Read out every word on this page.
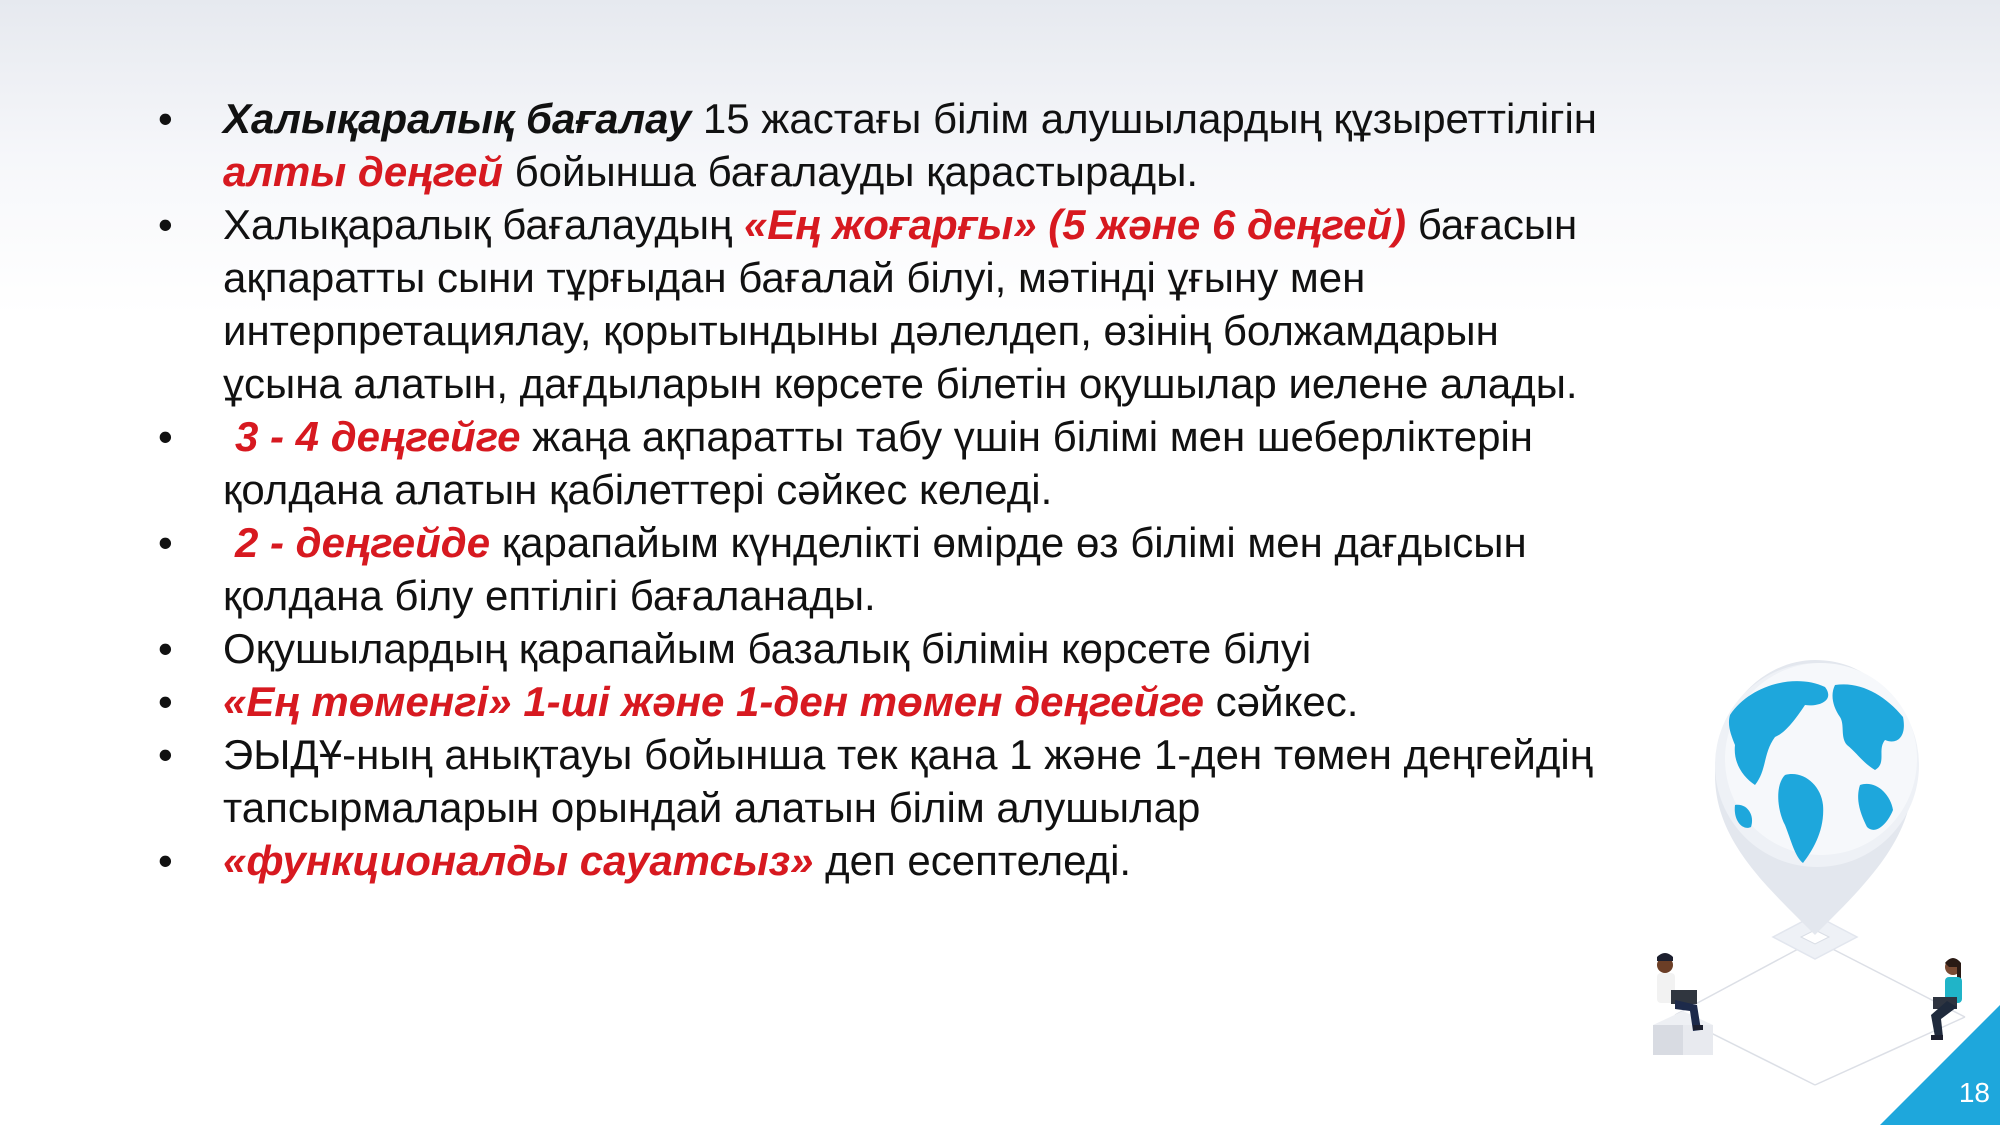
• Халықаралық бағалау 15 жастағы білім алушылардың құзыреттілігін
алты деңгей бойынша бағалауды қарастырады.
• Халықаралық бағалаудың «Ең жоғарғы» (5 және 6 деңгей) бағасын
ақпаратты сыни тұрғыдан бағалай білуі, мәтінді ұғыну мен
интерпретациялау, қорытындыны дәлелдеп, өзінің болжамдарын
ұсына алатын, дағдыларын көрсете білетін оқушылар иелене алады.
• 3 - 4 деңгейге жаңа ақпаратты табу үшін білімі мен шеберліктерін
қолдана алатын қабілеттері сәйкес келеді.
• 2 - деңгейде қарапайым күнделікті өмірде өз білімі мен дағдысын
қолдана білу ептілігі бағаланады.
• Оқушылардың қарапайым базалық білімін көрсете білуі
• «Ең төменгі» 1-ші және 1-ден төмен деңгейге сәйкес.
• ЭЫДҰ-ның анықтауы бойынша тек қана 1 және 1-ден төмен деңгейдің
тапсырмаларын орындай алатын білім алушылар
• «функционалды сауатсыз» деп есептеледі.
18
